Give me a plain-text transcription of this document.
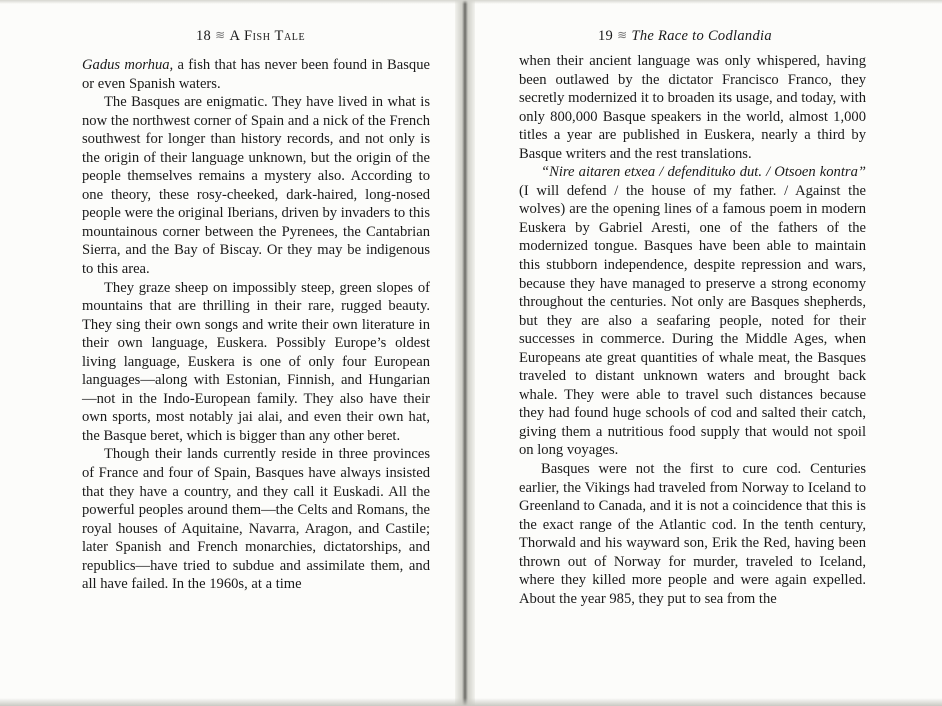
18 ≋ A Fish Tale

Gadus morhua, a fish that has never been found in Basque or even Spanish waters.

The Basques are enigmatic. They have lived in what is now the northwest corner of Spain and a nick of the French southwest for longer than history records, and not only is the origin of their language unknown, but the origin of the people themselves remains a mystery also. According to one theory, these rosy-cheeked, dark-haired, long-nosed people were the original Iberians, driven by invaders to this mountainous corner between the Pyrenees, the Cantabrian Sierra, and the Bay of Biscay. Or they may be indigenous to this area.

They graze sheep on impossibly steep, green slopes of mountains that are thrilling in their rare, rugged beauty. They sing their own songs and write their own literature in their own language, Euskera. Possibly Europe’s oldest living language, Euskera is one of only four European languages—along with Estonian, Finnish, and Hungarian—not in the Indo-European family. They also have their own sports, most notably jai alai, and even their own hat, the Basque beret, which is bigger than any other beret.

Though their lands currently reside in three provinces of France and four of Spain, Basques have always insisted that they have a country, and they call it Euskadi. All the powerful peoples around them—the Celts and Romans, the royal houses of Aquitaine, Navarra, Aragon, and Castile; later Spanish and French monarchies, dictatorships, and republics—have tried to subdue and assimilate them, and all have failed. In the 1960s, at a time

19 ≋ The Race to Codlandia

when their ancient language was only whispered, having been outlawed by the dictator Francisco Franco, they secretly modernized it to broaden its usage, and today, with only 800,000 Basque speakers in the world, almost 1,000 titles a year are published in Euskera, nearly a third by Basque writers and the rest translations.

“Nire aitaren etxea / defendituko dut. / Otsoen kontra” (I will defend / the house of my father. / Against the wolves) are the opening lines of a famous poem in modern Euskera by Gabriel Aresti, one of the fathers of the modernized tongue. Basques have been able to maintain this stubborn independence, despite repression and wars, because they have managed to preserve a strong economy throughout the centuries. Not only are Basques shepherds, but they are also a seafaring people, noted for their successes in commerce. During the Middle Ages, when Europeans ate great quantities of whale meat, the Basques traveled to distant unknown waters and brought back whale. They were able to travel such distances because they had found huge schools of cod and salted their catch, giving them a nutritious food supply that would not spoil on long voyages.

Basques were not the first to cure cod. Centuries earlier, the Vikings had traveled from Norway to Iceland to Greenland to Canada, and it is not a coincidence that this is the exact range of the Atlantic cod. In the tenth century, Thorwald and his wayward son, Erik the Red, having been thrown out of Norway for murder, traveled to Iceland, where they killed more people and were again expelled. About the year 985, they put to sea from the
